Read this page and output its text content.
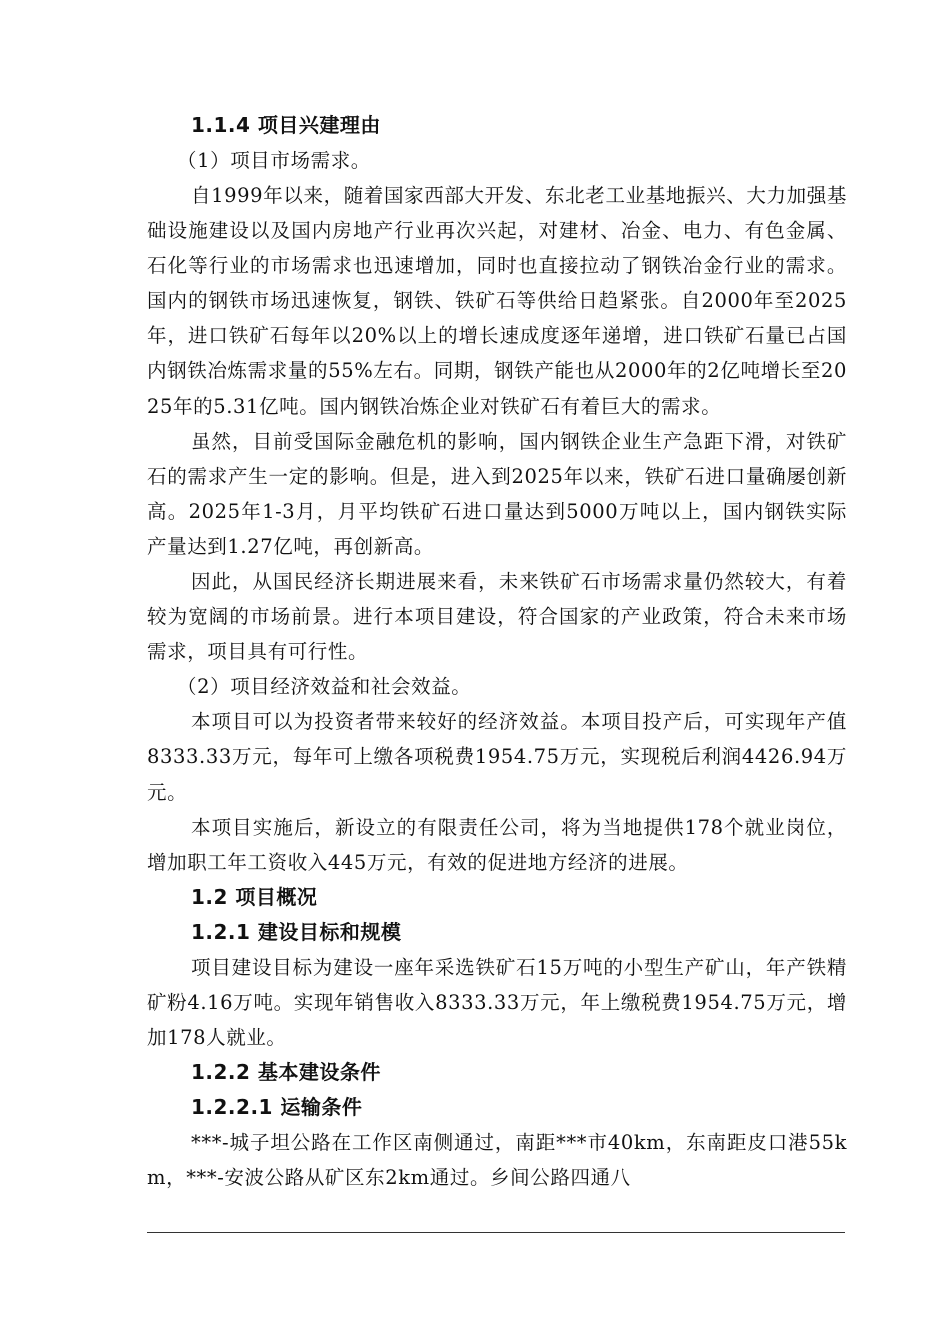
1.1.4 项目兴建理由
（1）项目市场需求。

自1999年以来，随着国家西部大开发、东北老工业基地振兴、大力加强基础设施建设以及国内房地产行业再次兴起，对建材、冶金、电力、有色金属、石化等行业的市场需求也迅速增加，同时也直接拉动了钢铁冶金行业的需求。国内的钢铁市场迅速恢复，钢铁、铁矿石等供给日趋紧张。自2000年至2025年，进口铁矿石每年以20%以上的增长速成度逐年递增，进口铁矿石量已占国内钢铁冶炼需求量的55%左右。同期，钢铁产能也从2000年的2亿吨增长至2025年的5.31亿吨。国内钢铁冶炼企业对铁矿石有着巨大的需求。

虽然，目前受国际金融危机的影响，国内钢铁企业生产急距下滑，对铁矿石的需求产生一定的影响。但是，进入到2025年以来，铁矿石进口量确屡创新高。2025年1-3月，月平均铁矿石进口量达到5000万吨以上，国内钢铁实际产量达到1.27亿吨，再创新高。

因此，从国民经济长期进展来看，未来铁矿石市场需求量仍然较大，有着较为宽阔的市场前景。进行本项目建设，符合国家的产业政策，符合未来市场需求，项目具有可行性。

（2）项目经济效益和社会效益。

本项目可以为投资者带来较好的经济效益。本项目投产后，可实现年产值8333.33万元，每年可上缴各项税费1954.75万元，实现税后利润4426.94万元。

本项目实施后，新设立的有限责任公司，将为当地提供178个就业岗位，增加职工年工资收入445万元，有效的促进地方经济的进展。

1.2 项目概况
1.2.1 建设目标和规模

项目建设目标为建设一座年采选铁矿石15万吨的小型生产矿山，年产铁精矿粉4.16万吨。实现年销售收入8333.33万元，年上缴税费1954.75万元，增加178人就业。

1.2.2 基本建设条件
1.2.2.1 运输条件

***-城子坦公路在工作区南侧通过，南距***市40km，东南距皮口港55km，***-安波公路从矿区东2km通过。乡间公路四通八
